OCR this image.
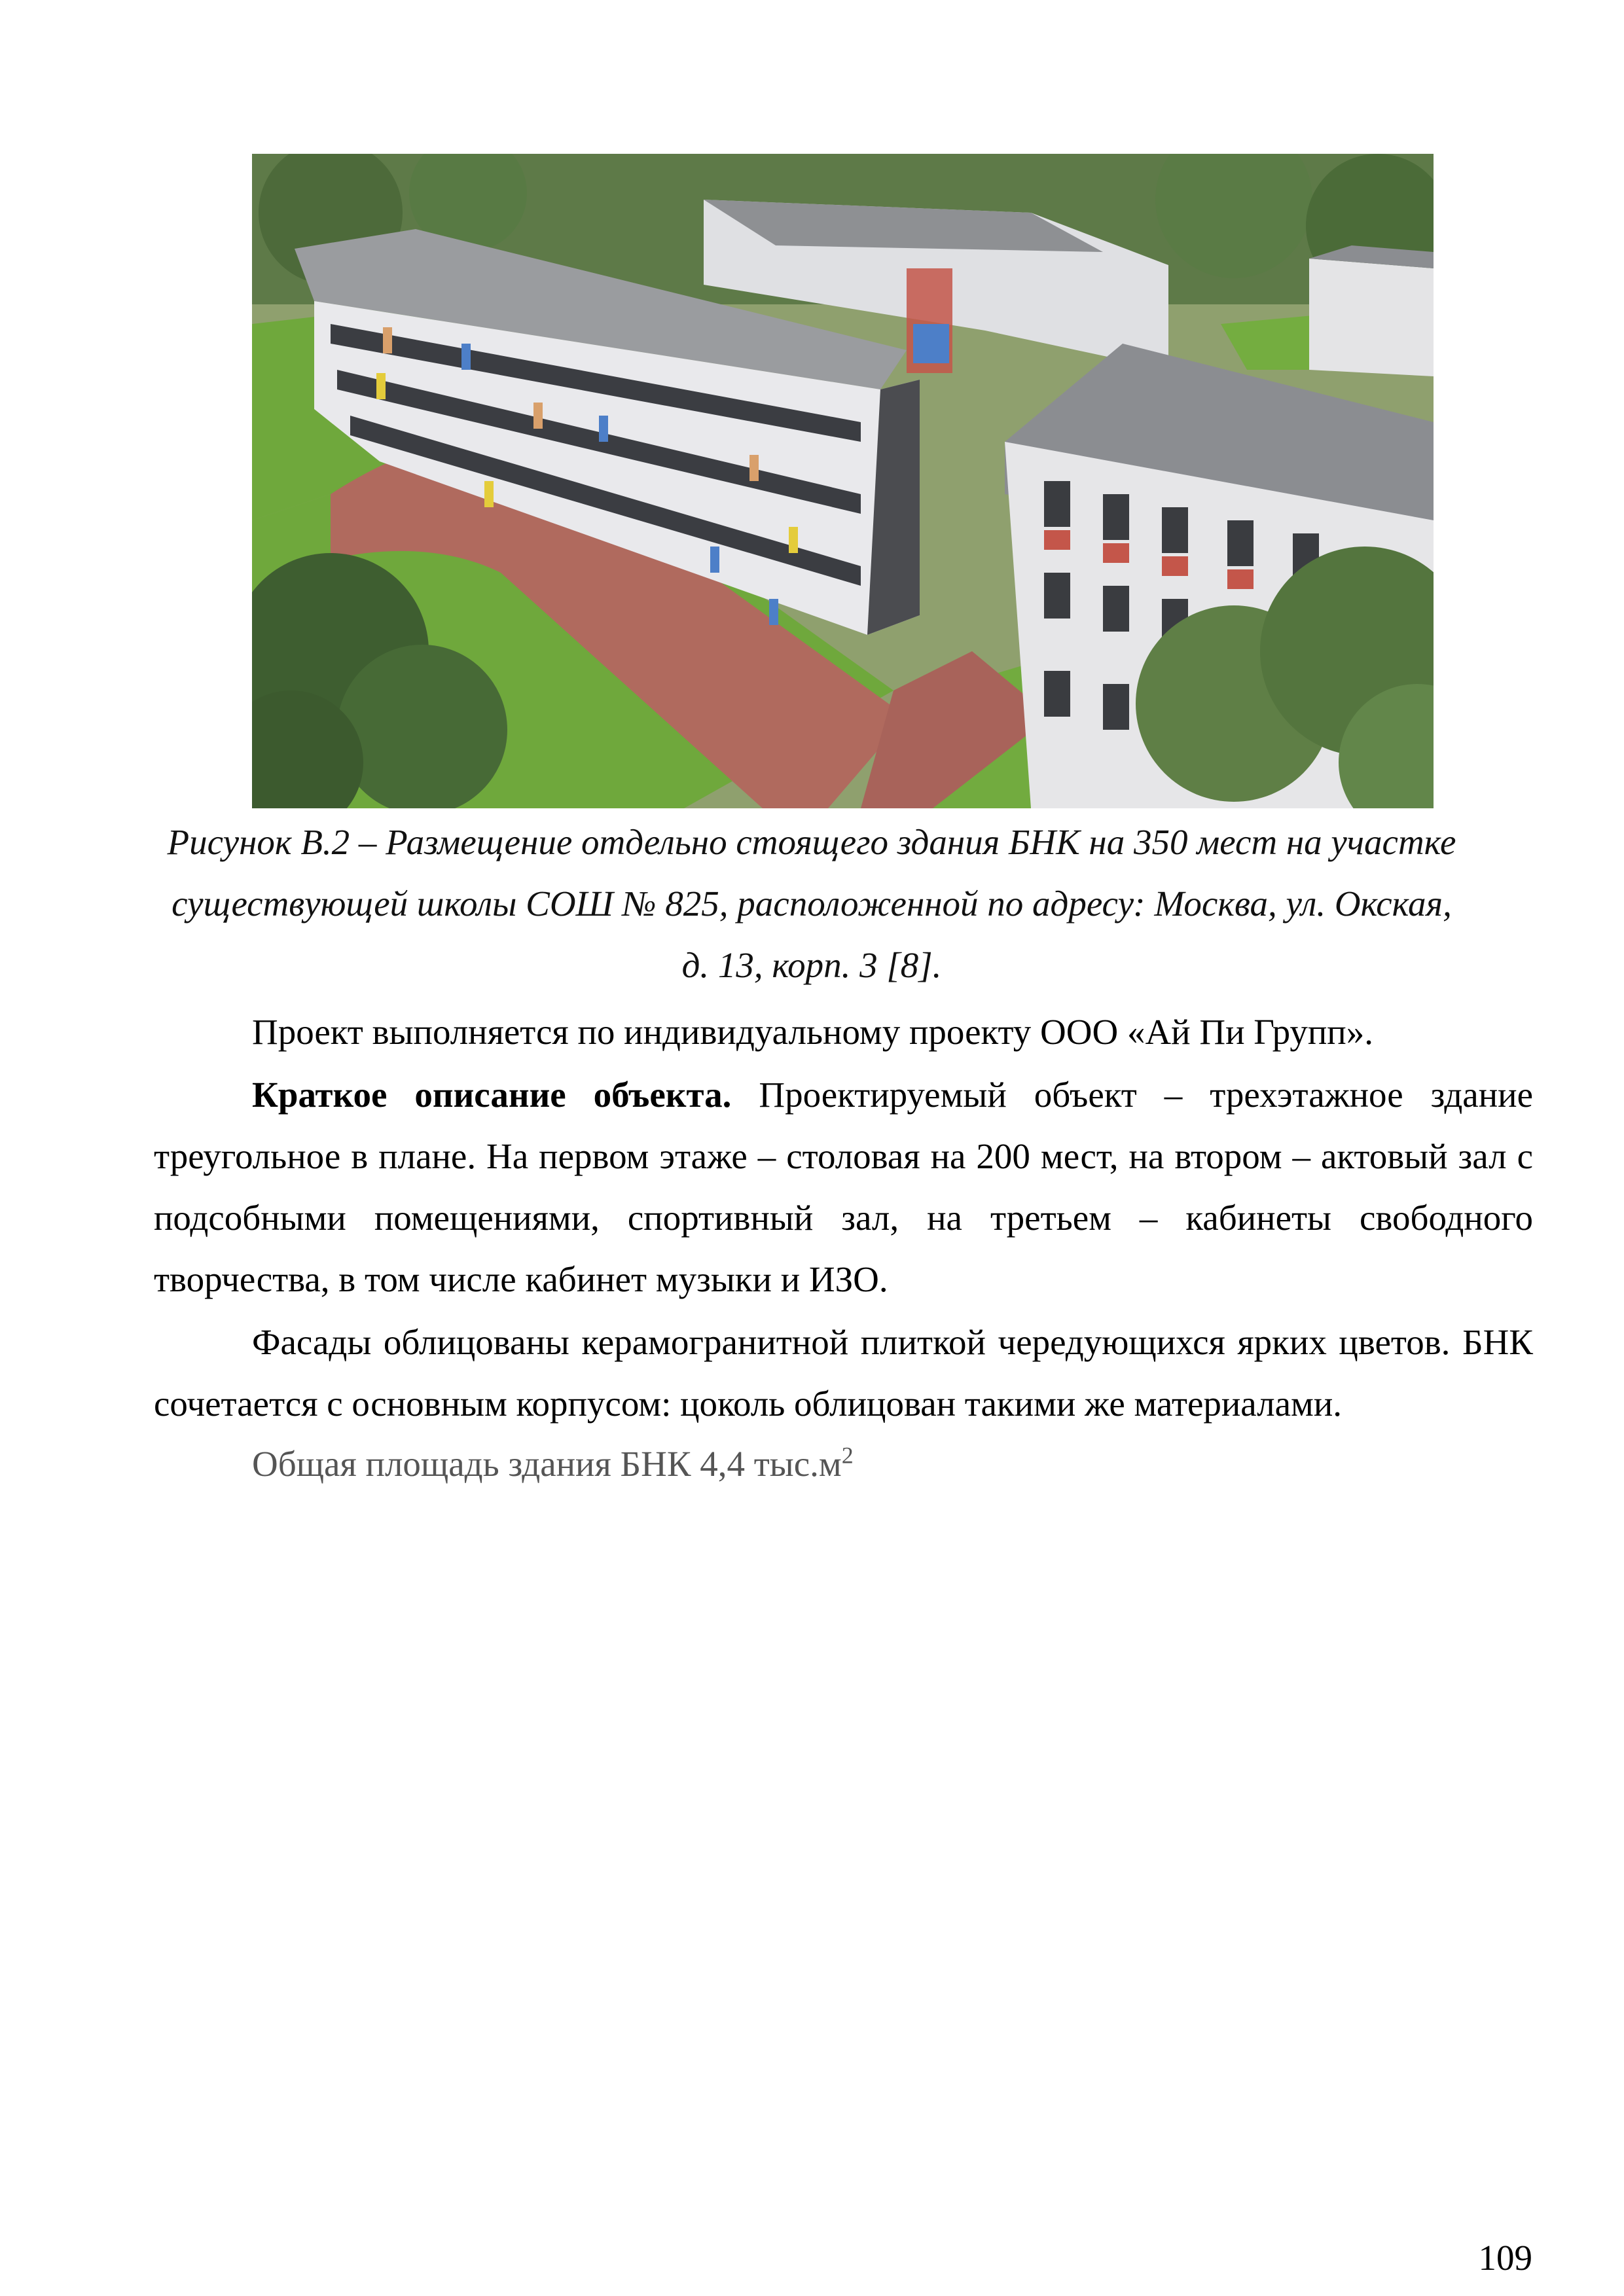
Рисунок В.2 – Размещение отдельно стоящего здания БНК на 350 мест на участке существующей школы СОШ № 825, расположенной по адресу: Москва, ул. Окская, д. 13, корп. 3 [8].

Проект выполняется по индивидуальному проекту ООО «Ай Пи Групп».

Краткое описание объекта. Проектируемый объект – трехэтажное здание треугольное в плане. На первом этаже – столовая на 200 мест, на втором – актовый зал с подсобными помещениями, спортивный зал, на третьем – кабинеты свободного творчества, в том числе кабинет музыки и ИЗО.

Фасады облицованы керамогранитной плиткой чередующихся ярких цветов. БНК сочетается с основным корпусом: цоколь облицован такими же материалами.

Общая площадь здания БНК 4,4 $тыс.м^2$

109
